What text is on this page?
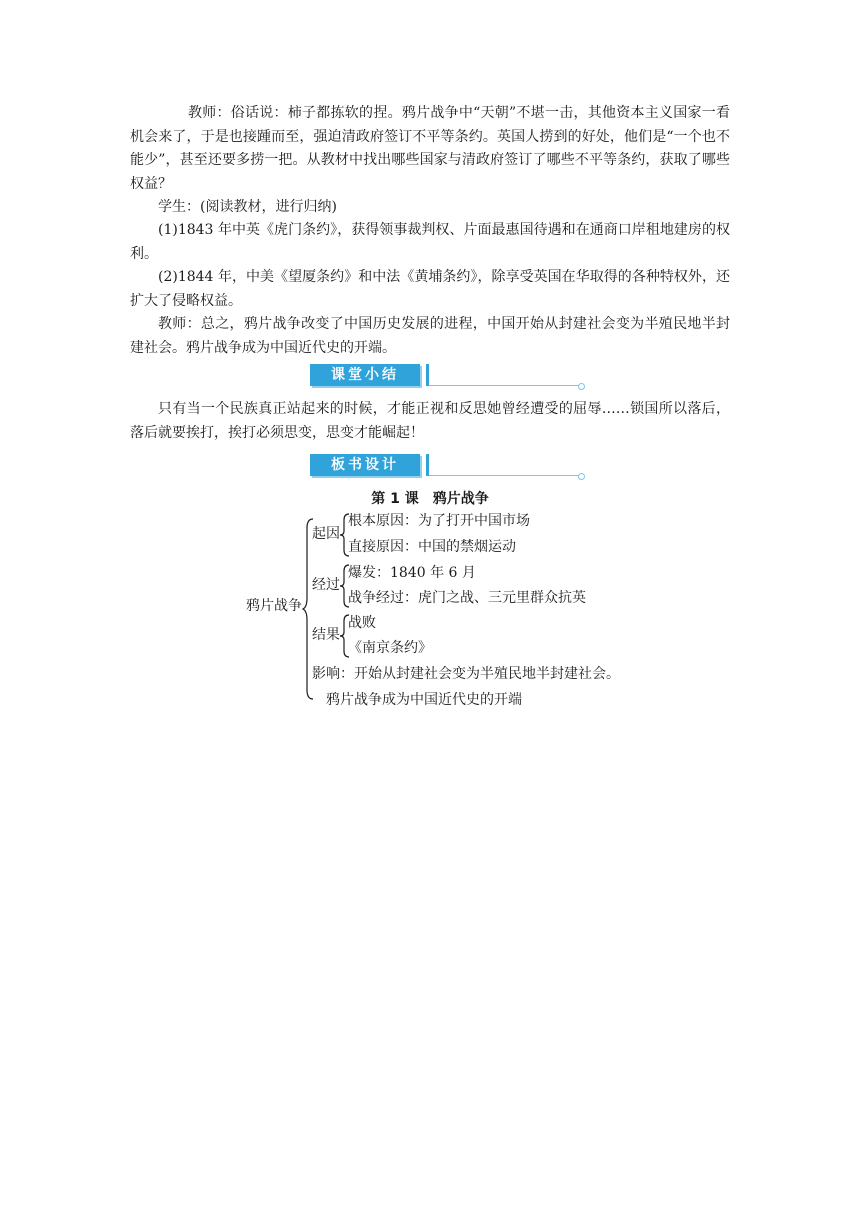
教师：俗话说：柿子都拣软的捏。鸦片战争中“天朝”不堪一击，其他资本主义国家一看机会来了，于是也接踵而至，强迫清政府签订不平等条约。英国人捞到的好处，他们是“一个也不能少”，甚至还要多捞一把。从教材中找出哪些国家与清政府签订了哪些不平等条约，获取了哪些权益？

学生：(阅读教材，进行归纳)

(1)1843 年中英《虎门条约》，获得领事裁判权、片面最惠国待遇和在通商口岸租地建房的权利。

(2)1844 年，中美《望厦条约》和中法《黄埔条约》，除享受英国在华取得的各种特权外，还扩大了侵略权益。

教师：总之，鸦片战争改变了中国历史发展的进程，中国开始从封建社会变为半殖民地半封建社会。鸦片战争成为中国近代史的开端。

课堂小结

只有当一个民族真正站起来的时候，才能正视和反思她曾经遭受的屈辱……锁国所以落后，落后就要挨打，挨打必须思变，思变才能崛起！

板书设计
第 1 课　鸦片战争
鸦片战争
起因
根本原因：为了打开中国市场
直接原因：中国的禁烟运动
经过
爆发：1840 年 6 月
战争经过：虎门之战、三元里群众抗英
结果
战败
《南京条约》
影响：开始从封建社会变为半殖民地半封建社会。
鸦片战争成为中国近代史的开端
